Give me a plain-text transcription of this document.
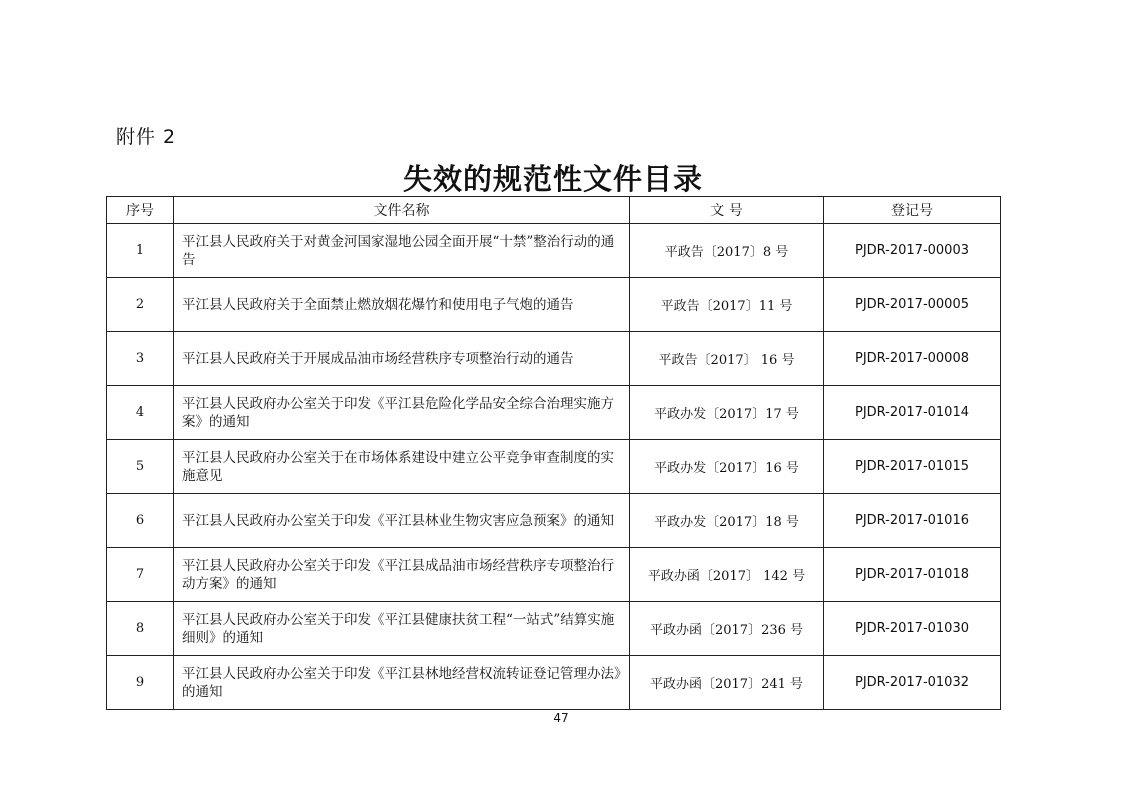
附件 2
失效的规范性文件目录
序号	文件名称	文 号	登记号
1	平江县人民政府关于对黄金河国家湿地公园全面开展“十禁”整治行动的通告	平政告〔2017〕8 号	PJDR-2017-00003
2	平江县人民政府关于全面禁止燃放烟花爆竹和使用电子气炮的通告	平政告〔2017〕11 号	PJDR-2017-00005
3	平江县人民政府关于开展成品油市场经营秩序专项整治行动的通告	平政告〔2017〕 16 号	PJDR-2017-00008
4	平江县人民政府办公室关于印发《平江县危险化学品安全综合治理实施方案》的通知	平政办发〔2017〕17 号	PJDR-2017-01014
5	平江县人民政府办公室关于在市场体系建设中建立公平竞争审查制度的实施意见	平政办发〔2017〕16 号	PJDR-2017-01015
6	平江县人民政府办公室关于印发《平江县林业生物灾害应急预案》的通知	平政办发〔2017〕18 号	PJDR-2017-01016
7	平江县人民政府办公室关于印发《平江县成品油市场经营秩序专项整治行动方案》的通知	平政办函〔2017〕 142 号	PJDR-2017-01018
8	平江县人民政府办公室关于印发《平江县健康扶贫工程“一站式”结算实施细则》的通知	平政办函〔2017〕236 号	PJDR-2017-01030
9	平江县人民政府办公室关于印发《平江县林地经营权流转证登记管理办法》的通知	平政办函〔2017〕241 号	PJDR-2017-01032
47
